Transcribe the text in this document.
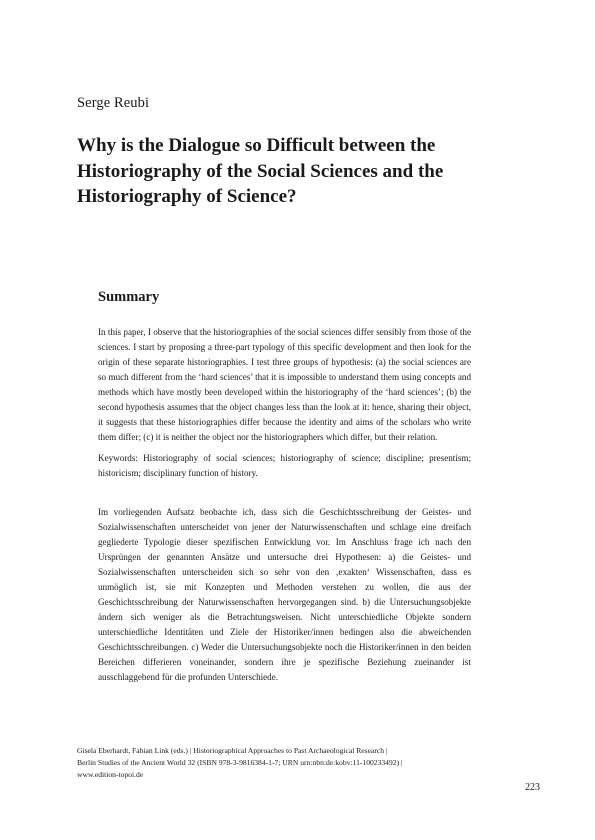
Serge Reubi
Why is the Dialogue so Difficult between the Historiography of the Social Sciences and the Historiography of Science?
Summary

In this paper, I observe that the historiographies of the social sciences differ sensibly from those of the sciences. I start by proposing a three-part typology of this specific development and then look for the origin of these separate historiographies. I test three groups of hypothesis: (a) the social sciences are so much different from the ‘hard sciences’ that it is impossible to understand them using concepts and methods which have mostly been developed within the historiography of the ‘hard sciences’; (b) the second hypothesis assumes that the object changes less than the look at it: hence, sharing their object, it suggests that these historiographies differ because the identity and aims of the scholars who write them differ; (c) it is neither the object nor the historiographers which differ, but their relation.

Keywords: Historiography of social sciences; historiography of science; discipline; presentism; historicism; disciplinary function of history.

Im vorliegenden Aufsatz beobachte ich, dass sich die Geschichtsschreibung der Geistes- und Sozialwissenschaften unterscheidet von jener der Naturwissenschaften und schlage eine dreifach gegliederte Typologie dieser spezifischen Entwicklung vor. Im Anschluss frage ich nach den Ursprüngen der genannten Ansätze und untersuche drei Hypothesen: a) die Geistes- und Sozialwissenschaften unterscheiden sich so sehr von den ‚exakten‘ Wissenschaften, dass es unmöglich ist, sie mit Konzepten und Methoden verstehen zu wollen, die aus der Geschichtsschreibung der Naturwissenschaften hervorgegangen sind. b) die Untersuchungsobjekte ändern sich weniger als die Betrachtungsweisen. Nicht unterschiedliche Objekte sondern unterschiedliche Identitäten und Ziele der Historiker/innen bedingen also die abweichenden Geschichtsschreibungen. c) Weder die Untersuchungsobjekte noch die Historiker/innen in den beiden Bereichen differieren voneinander, sondern ihre je spezifische Beziehung zueinander ist ausschlaggebend für die profunden Unterschiede.

Gisela Eberhardt, Fabian Link (eds.) | Historiographical Approaches to Past Archaeological Research |
Berlin Studies of the Ancient World 32 (ISBN 978-3-9816384-1-7; URN urn:nbn:de:kobv:11-100233492) |
www.edition-topoi.de
223
